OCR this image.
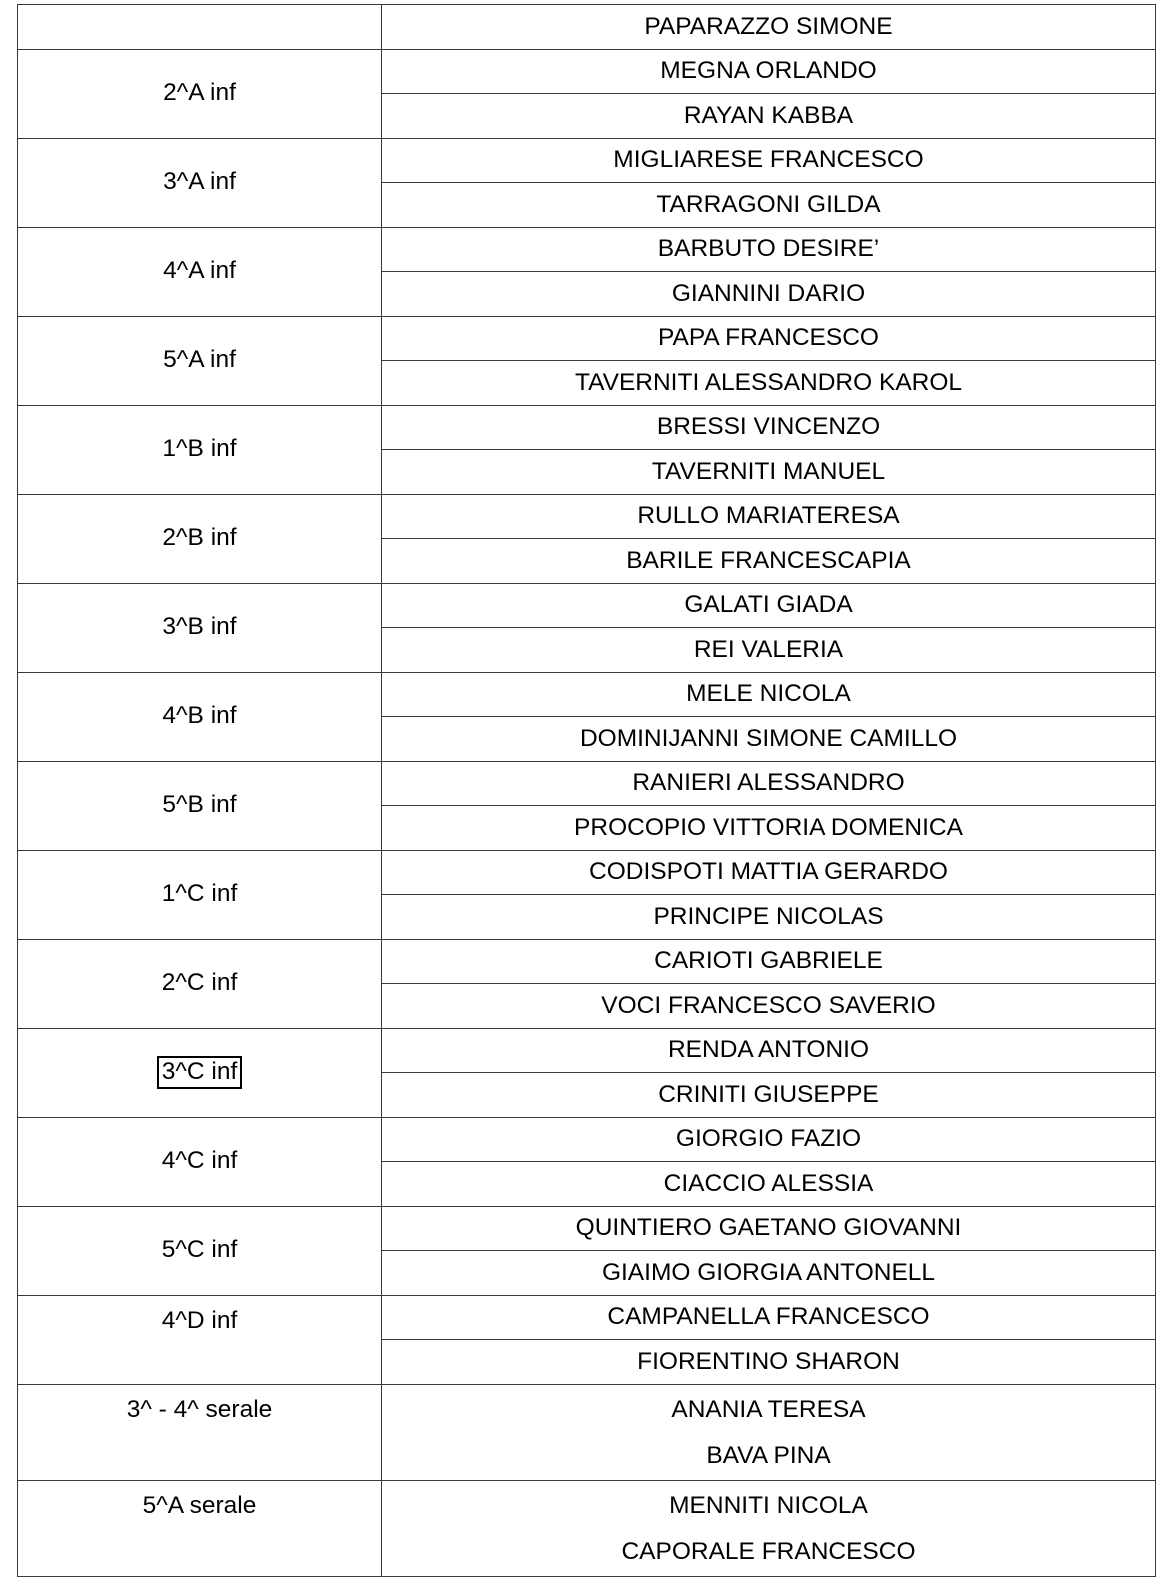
	PAPARAZZO SIMONE
2^A inf	MEGNA ORLANDO
	RAYAN KABBA
3^A inf	MIGLIARESE FRANCESCO
	TARRAGONI GILDA
4^A inf	BARBUTO DESIRE’
	GIANNINI DARIO
5^A inf	PAPA FRANCESCO
	TAVERNITI ALESSANDRO KAROL
1^B inf	BRESSI VINCENZO
	TAVERNITI MANUEL
2^B inf	RULLO MARIATERESA
	BARILE FRANCESCAPIA
3^B inf	GALATI GIADA
	REI VALERIA
4^B inf	MELE NICOLA
	DOMINIJANNI SIMONE CAMILLO
5^B inf	RANIERI ALESSANDRO
	PROCOPIO VITTORIA DOMENICA
1^C inf	CODISPOTI MATTIA GERARDO
	PRINCIPE NICOLAS
2^C inf	CARIOTI GABRIELE
	VOCI FRANCESCO SAVERIO
3^C inf	RENDA ANTONIO
	CRINITI GIUSEPPE
4^C inf	GIORGIO FAZIO
	CIACCIO ALESSIA
5^C inf	QUINTIERO GAETANO GIOVANNI
	GIAIMO GIORGIA ANTONELL
4^D inf	CAMPANELLA FRANCESCO
	FIORENTINO SHARON
3^ - 4^ serale	ANANIA TERESA
BAVA PINA

5^A serale	MENNITI NICOLA
CAPORALE FRANCESCO
